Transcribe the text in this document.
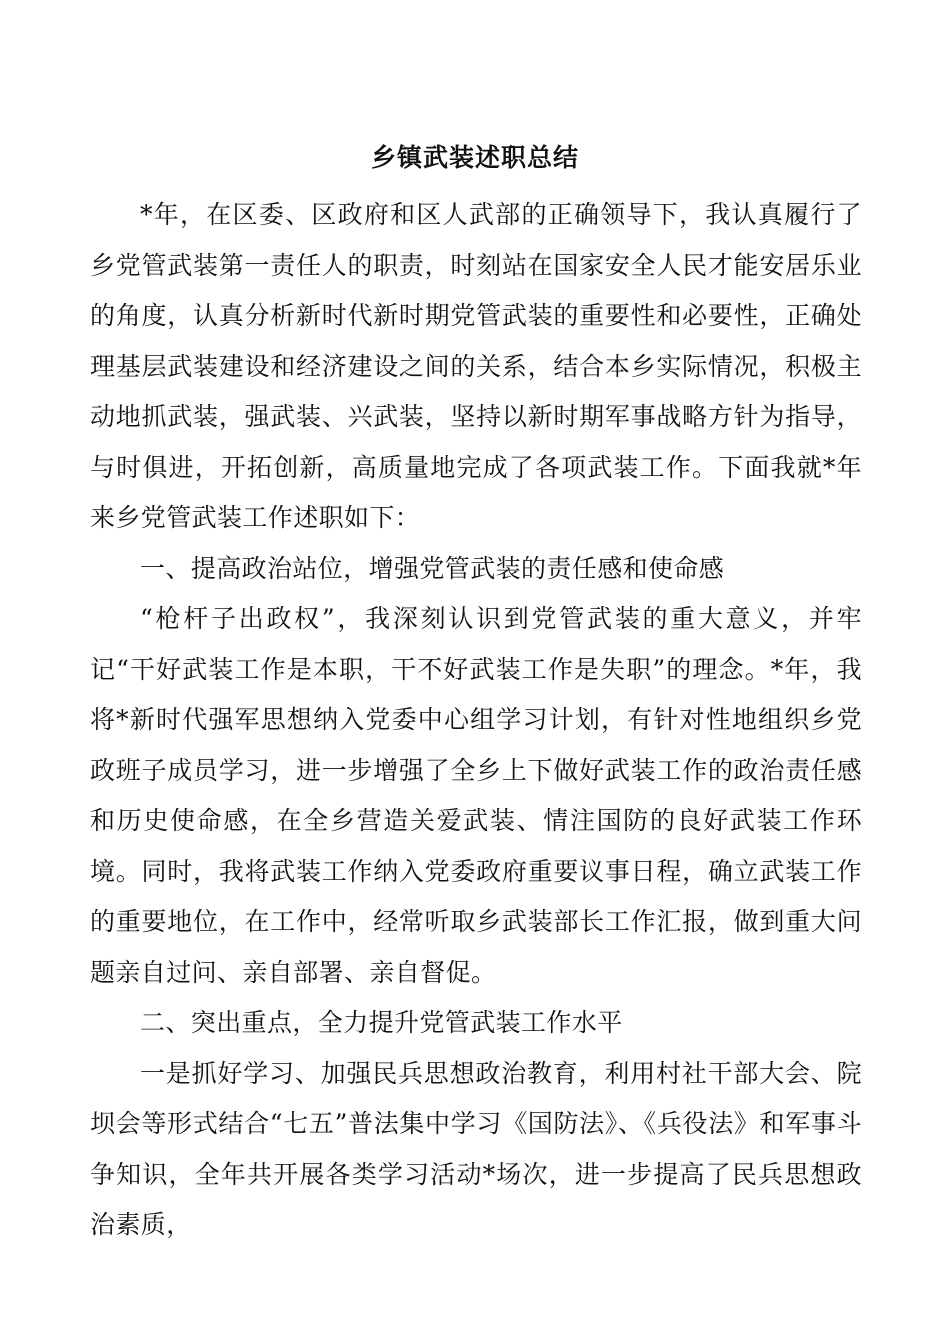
乡镇武装述职总结

*年，在区委、区政府和区人武部的正确领导下，我认真履行了乡党管武装第一责任人的职责，时刻站在国家安全人民才能安居乐业的角度，认真分析新时代新时期党管武装的重要性和必要性，正确处理基层武装建设和经济建设之间的关系，结合本乡实际情况，积极主动地抓武装，强武装、兴武装，坚持以新时期军事战略方针为指导，与时俱进，开拓创新，高质量地完成了各项武装工作。下面我就*年来乡党管武装工作述职如下：

一、提高政治站位，增强党管武装的责任感和使命感

“枪杆子出政权”，我深刻认识到党管武装的重大意义，并牢记“干好武装工作是本职，干不好武装工作是失职”的理念。*年，我将*新时代强军思想纳入党委中心组学习计划，有针对性地组织乡党政班子成员学习，进一步增强了全乡上下做好武装工作的政治责任感和历史使命感，在全乡营造关爱武装、情注国防的良好武装工作环境。同时，我将武装工作纳入党委政府重要议事日程，确立武装工作的重要地位，在工作中，经常听取乡武装部长工作汇报，做到重大问题亲自过问、亲自部署、亲自督促。

二、突出重点，全力提升党管武装工作水平

一是抓好学习、加强民兵思想政治教育，利用村社干部大会、院坝会等形式结合“七五”普法集中学习《国防法》、《兵役法》和军事斗争知识，全年共开展各类学习活动*场次，进一步提高了民兵思想政治素质，
